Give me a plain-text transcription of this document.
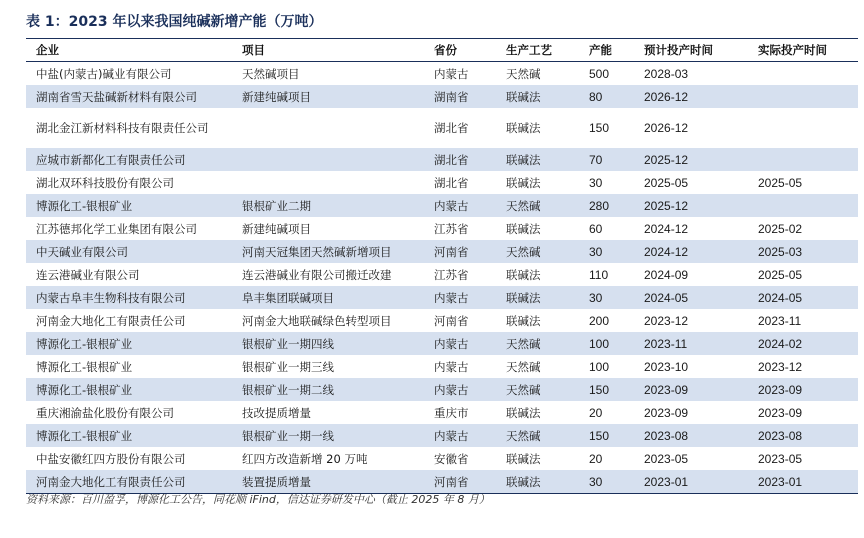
表 1：2023 年以来我国纯碱新增产能（万吨）
企业	项目	省份	生产工艺	产能	预计投产时间	实际投产时间
中盐(内蒙古)碱业有限公司	天然碱项目	内蒙古	天然碱	500	2028-03	
湖南省雪天盐碱新材料有限公司	新建纯碱项目	湖南省	联碱法	80	2026-12	
湖北金江新材料科技有限责任公司		湖北省	联碱法	150	2026-12	
应城市新都化工有限责任公司		湖北省	联碱法	70	2025-12	
湖北双环科技股份有限公司		湖北省	联碱法	30	2025-05	2025-05
博源化工-银根矿业	银根矿业二期	内蒙古	天然碱	280	2025-12	
江苏德邦化学工业集团有限公司	新建纯碱项目	江苏省	联碱法	60	2024-12	2025-02
中天碱业有限公司	河南天冠集团天然碱新增项目	河南省	天然碱	30	2024-12	2025-03
连云港碱业有限公司	连云港碱业有限公司搬迁改建	江苏省	联碱法	110	2024-09	2025-05
内蒙古阜丰生物科技有限公司	阜丰集团联碱项目	内蒙古	联碱法	30	2024-05	2024-05
河南金大地化工有限责任公司	河南金大地联碱绿色转型项目	河南省	联碱法	200	2023-12	2023-11
博源化工-银根矿业	银根矿业一期四线	内蒙古	天然碱	100	2023-11	2024-02
博源化工-银根矿业	银根矿业一期三线	内蒙古	天然碱	100	2023-10	2023-12
博源化工-银根矿业	银根矿业一期二线	内蒙古	天然碱	150	2023-09	2023-09
重庆湘渝盐化股份有限公司	技改提质增量	重庆市	联碱法	20	2023-09	2023-09
博源化工-银根矿业	银根矿业一期一线	内蒙古	天然碱	150	2023-08	2023-08
中盐安徽红四方股份有限公司	红四方改造新增 20 万吨	安徽省	联碱法	20	2023-05	2023-05
河南金大地化工有限责任公司	装置提质增量	河南省	联碱法	30	2023-01	2023-01
资料来源：百川盈孚，博源化工公告，同花顺 iFind，信达证券研发中心（截止 2025 年 8 月）
